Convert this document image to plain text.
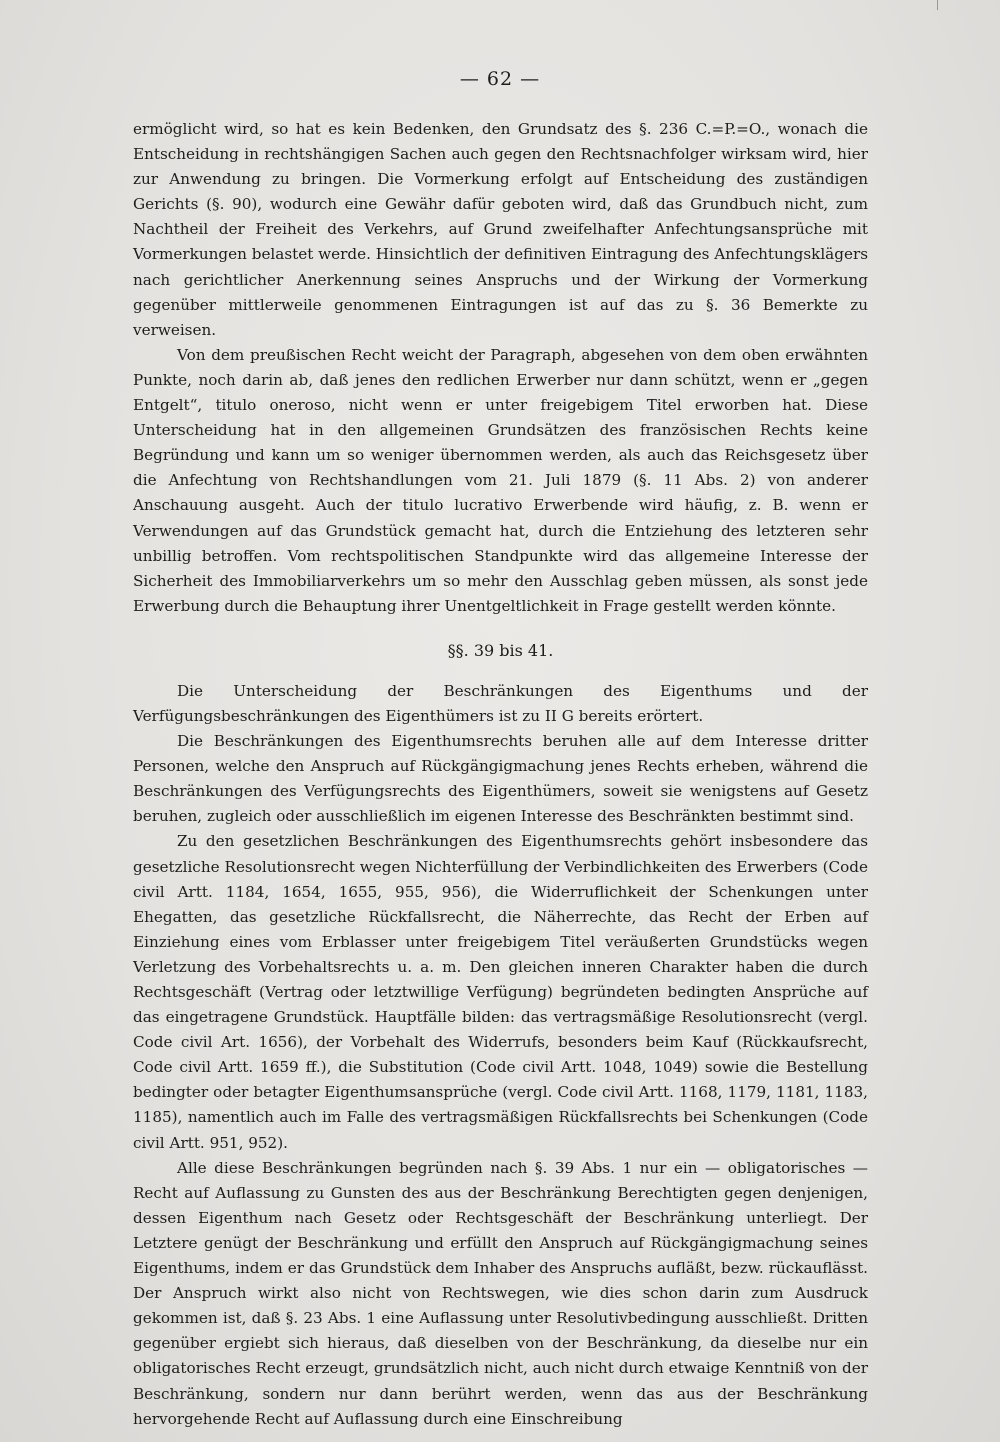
— 62 —

ermöglicht wird, so hat es kein Bedenken, den Grundsatz des §. 236 C.=P.=O., wonach die Entscheidung in rechtshängigen Sachen auch gegen den Rechtsnachfolger wirksam wird, hier zur Anwendung zu bringen. Die Vormerkung erfolgt auf Entscheidung des zuständigen Gerichts (§. 90), wodurch eine Gewähr dafür geboten wird, daß das Grundbuch nicht, zum Nachtheil der Freiheit des Verkehrs, auf Grund zweifelhafter Anfechtungsansprüche mit Vormerkungen belastet werde. Hinsichtlich der definitiven Eintragung des Anfechtungsklägers nach gerichtlicher Anerkennung seines Anspruchs und der Wirkung der Vormerkung gegenüber mittlerweile genommenen Eintragungen ist auf das zu §. 36 Bemerkte zu verweisen.

Von dem preußischen Recht weicht der Paragraph, abgesehen von dem oben erwähnten Punkte, noch darin ab, daß jenes den redlichen Erwerber nur dann schützt, wenn er „gegen Entgelt“, titulo oneroso, nicht wenn er unter freigebigem Titel erworben hat. Diese Unterscheidung hat in den allgemeinen Grundsätzen des französischen Rechts keine Begründung und kann um so weniger übernommen werden, als auch das Reichsgesetz über die Anfechtung von Rechtshandlungen vom 21. Juli 1879 (§. 11 Abs. 2) von anderer Anschauung ausgeht. Auch der titulo lucrativo Erwerbende wird häufig, z. B. wenn er Verwendungen auf das Grundstück gemacht hat, durch die Entziehung des letzteren sehr unbillig betroffen. Vom rechtspolitischen Standpunkte wird das allgemeine Interesse der Sicherheit des Immobiliarverkehrs um so mehr den Ausschlag geben müssen, als sonst jede Erwerbung durch die Behauptung ihrer Unentgeltlichkeit in Frage gestellt werden könnte.

§§. 39 bis 41.

Die Unterscheidung der Beschränkungen des Eigenthums und der Verfügungsbeschränkungen des Eigenthümers ist zu II G bereits erörtert.

Die Beschränkungen des Eigenthumsrechts beruhen alle auf dem Interesse dritter Personen, welche den Anspruch auf Rückgängigmachung jenes Rechts erheben, während die Beschränkungen des Verfügungsrechts des Eigenthümers, soweit sie wenigstens auf Gesetz beruhen, zugleich oder ausschließlich im eigenen Interesse des Beschränkten bestimmt sind.

Zu den gesetzlichen Beschränkungen des Eigenthumsrechts gehört insbesondere das gesetzliche Resolutionsrecht wegen Nichterfüllung der Verbindlichkeiten des Erwerbers (Code civil Artt. 1184, 1654, 1655, 955, 956), die Widerruflichkeit der Schenkungen unter Ehegatten, das gesetzliche Rückfallsrecht, die Näherrechte, das Recht der Erben auf Einziehung eines vom Erblasser unter freigebigem Titel veräußerten Grundstücks wegen Verletzung des Vorbehaltsrechts u. a. m. Den gleichen inneren Charakter haben die durch Rechtsgeschäft (Vertrag oder letztwillige Verfügung) begründeten bedingten Ansprüche auf das eingetragene Grundstück. Hauptfälle bilden: das vertragsmäßige Resolutionsrecht (vergl. Code civil Art. 1656), der Vorbehalt des Widerrufs, besonders beim Kauf (Rückkaufsrecht, Code civil Artt. 1659 ff.), die Substitution (Code civil Artt. 1048, 1049) sowie die Bestellung bedingter oder betagter Eigenthumsansprüche (vergl. Code civil Artt. 1168, 1179, 1181, 1183, 1185), namentlich auch im Falle des vertragsmäßigen Rückfallsrechts bei Schenkungen (Code civil Artt. 951, 952).

Alle diese Beschränkungen begründen nach §. 39 Abs. 1 nur ein — obligatorisches — Recht auf Auflassung zu Gunsten des aus der Beschränkung Berechtigten gegen denjenigen, dessen Eigenthum nach Gesetz oder Rechtsgeschäft der Beschränkung unterliegt. Der Letztere genügt der Beschränkung und erfüllt den Anspruch auf Rückgängigmachung seines Eigenthums, indem er das Grundstück dem Inhaber des Anspruchs aufläßt, bezw. rückauflässt. Der Anspruch wirkt also nicht von Rechtswegen, wie dies schon darin zum Ausdruck gekommen ist, daß §. 23 Abs. 1 eine Auflassung unter Resolutivbedingung ausschließt. Dritten gegenüber ergiebt sich hieraus, daß dieselben von der Beschränkung, da dieselbe nur ein obligatorisches Recht erzeugt, grundsätzlich nicht, auch nicht durch etwaige Kenntniß von der Beschränkung, sondern nur dann berührt werden, wenn das aus der Beschränkung hervorgehende Recht auf Auflassung durch eine Einschreibung
